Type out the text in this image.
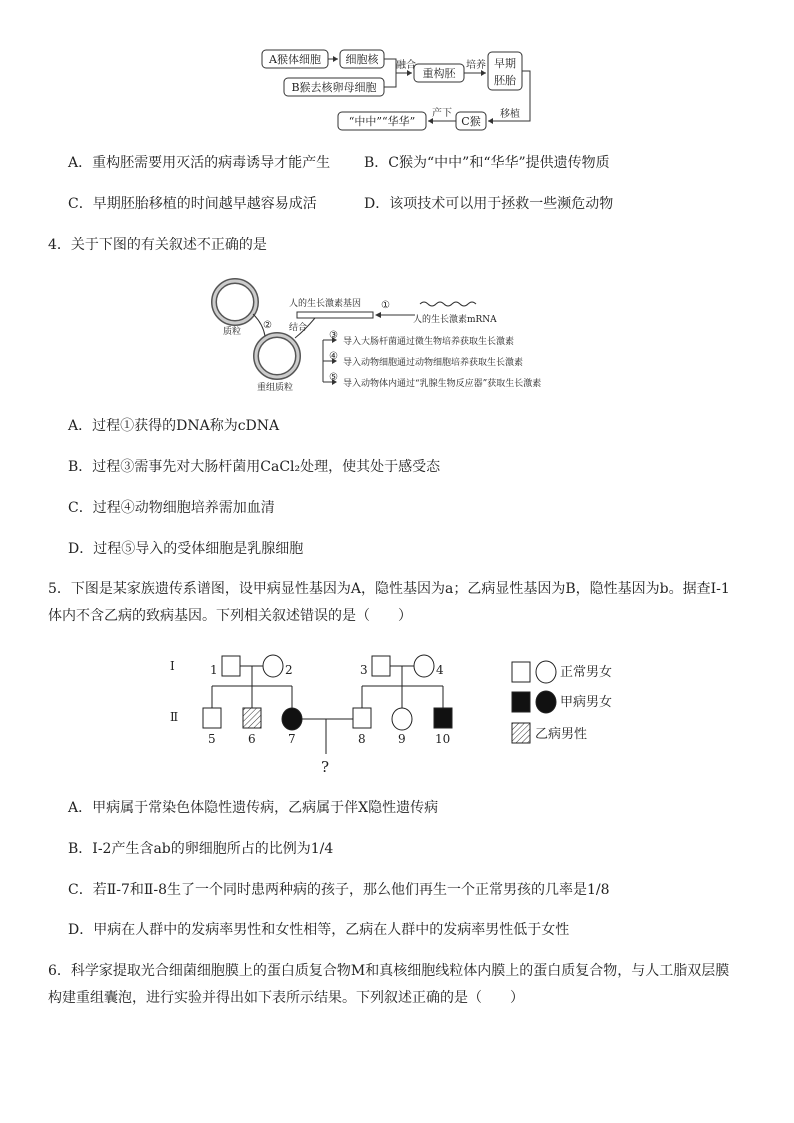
A猴体细胞 细胞核
B猴去核卵母细胞
融合
重构胚
培养 早期
胚胎
移植
C猴
产下
“中中”“华华”
A．重构胚需要用灭活的病毒诱导才能产生 B．C猴为“中中”和“华华”提供遗传物质
C．早期胚胎移植的时间越早越容易成活	D．该项技术可以用于拯救一些濒危动物
4．关于下图的有关叙述不正确的是
质粒
人的生长激素基因 ①
人的生长激素mRNA
② 结合
重组质粒
③
导入大肠杆菌通过微生物培养获取生长激素
④
导入动物细胞通过动物细胞培养获取生长激素
⑤
导入动物体内通过“乳腺生物反应器”获取生长激素
A．过程①获得的DNA称为cDNA
B．过程③需事先对大肠杆菌用CaCl₂处理，使其处于感受态
C．过程④动物细胞培养需加血清
D．过程⑤导入的受体细胞是乳腺细胞
5．下图是某家族遗传系谱图，设甲病显性基因为A，隐性基因为a；乙病显性基因为B，隐性基因为b。据查Ⅰ-1
体内不含乙病的致病基因。下列相关叙述错误的是（　　）
Ⅰ
Ⅱ
1	2	3	4
5	6	7	8	9 10
?
正常男女
甲病男女
乙病男性
A．甲病属于常染色体隐性遗传病，乙病属于伴X隐性遗传病
B．Ⅰ-2产生含ab的卵细胞所占的比例为1/4
C．若Ⅱ-7和Ⅱ-8生了一个同时患两种病的孩子，那么他们再生一个正常男孩的几率是1/8
D．甲病在人群中的发病率男性和女性相等，乙病在人群中的发病率男性低于女性
6．科学家提取光合细菌细胞膜上的蛋白质复合物M和真核细胞线粒体内膜上的蛋白质复合物，与人工脂双层膜
构建重组囊泡，进行实验并得出如下表所示结果。下列叙述正确的是（　　）
